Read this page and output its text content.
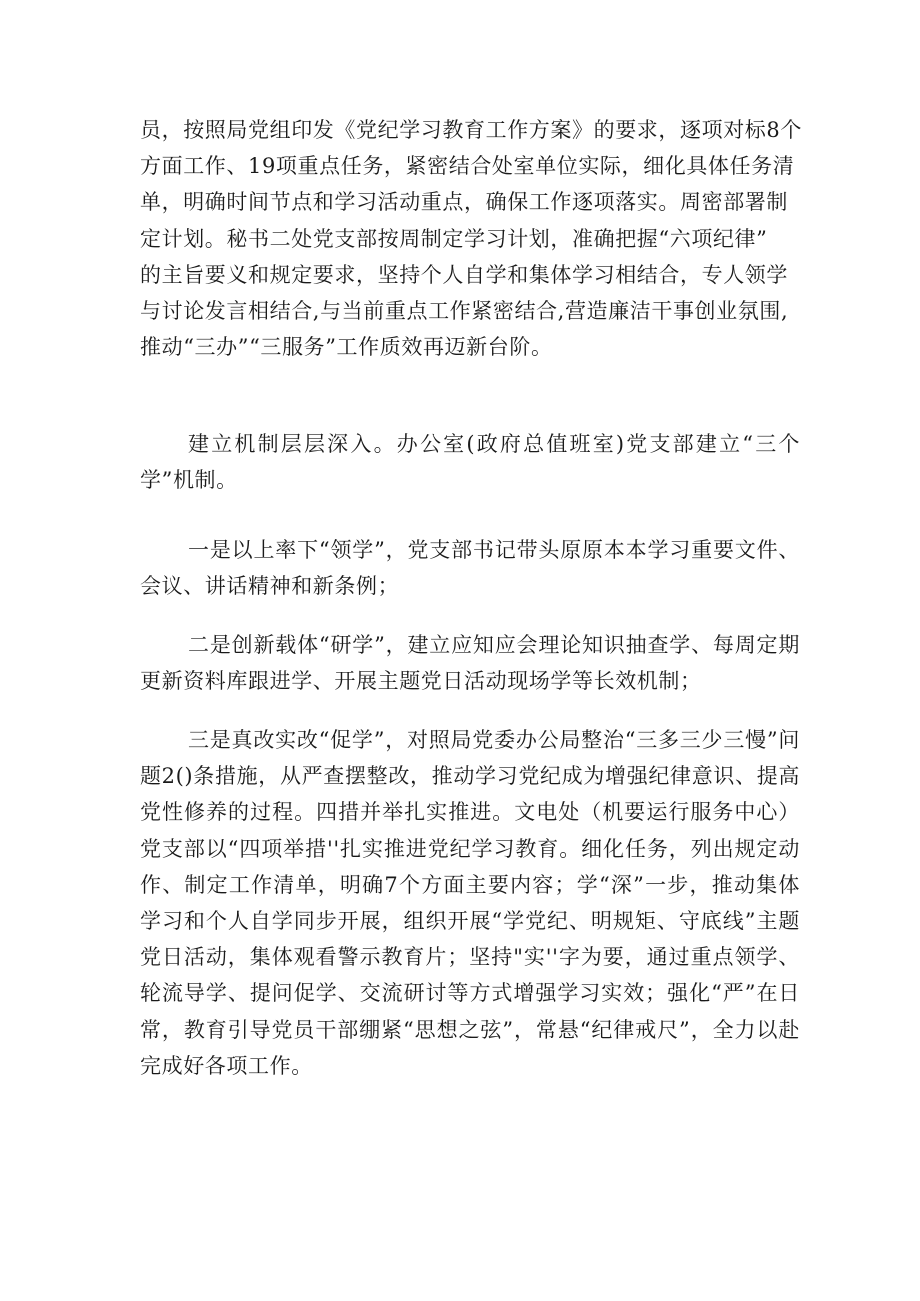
员，按照局党组印发《党纪学习教育工作方案》的要求，逐项对标8个
方面工作、19项重点任务，紧密结合处室单位实际，细化具体任务清
单，明确时间节点和学习活动重点，确保工作逐项落实。周密部署制
定计划。秘书二处党支部按周制定学习计划，准确把握“六项纪律”
的主旨要义和规定要求，坚持个人自学和集体学习相结合，专人领学
与讨论发言相结合,与当前重点工作紧密结合,营造廉洁干事创业氛围,
推动“三办”“三服务”工作质效再迈新台阶。
建立机制层层深入。办公室(政府总值班室)党支部建立“三个学”机制。
一是以上率下“领学”，党支部书记带头原原本本学习重要文件、会议、讲话精神和新条例；
二是创新载体“研学”，建立应知应会理论知识抽查学、每周定期更新资料库跟进学、开展主题党日活动现场学等长效机制；
三是真改实改“促学”，对照局党委办公局整治“三多三少三慢”问题2()条措施，从严查摆整改，推动学习党纪成为增强纪律意识、提高党性修养的过程。四措并举扎实推进。文电处（机要运行服务中心）党支部以“四项举措''扎实推进党纪学习教育。细化任务，列出规定动作、制定工作清单，明确7个方面主要内容；学“深”一步，推动集体学习和个人自学同步开展，组织开展“学党纪、明规矩、守底线”主题党日活动，集体观看警示教育片；坚持"实''字为要，通过重点领学、轮流导学、提问促学、交流研讨等方式增强学习实效；强化“严”在日常，教育引导党员干部绷紧“思想之弦”，常悬“纪律戒尺”，全力以赴完成好各项工作。
